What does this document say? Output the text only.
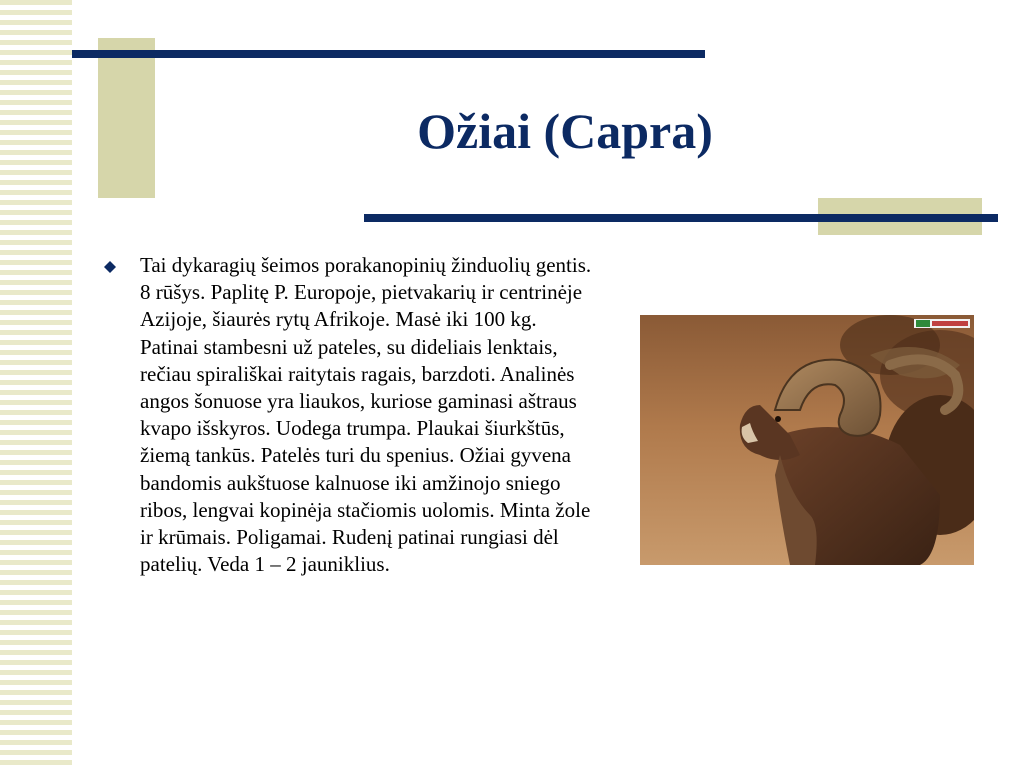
Ožiai (Capra)

Tai dykaragių šeimos porakanopinių žinduolių gentis. 8 rūšys. Paplitę P. Europoje, pietvakarių ir centrinėje Azijoje, šiaurės rytų Afrikoje. Masė iki 100 kg. Patinai stambesni už pateles, su dideliais lenktais, rečiau spirališkai raitytais ragais, barzdoti. Analinės angos šonuose yra liaukos, kuriose gaminasi aštraus kvapo išskyros. Uodega trumpa. Plaukai šiurkštūs, žiemą tankūs. Patelės turi du spenius. Ožiai gyvena bandomis aukštuose kalnuose iki amžinojo sniego ribos, lengvai kopinėja stačiomis uolomis. Minta žole ir krūmais. Poligamai. Rudenį patinai rungiasi dėl patelių. Veda 1 – 2 jauniklius.
